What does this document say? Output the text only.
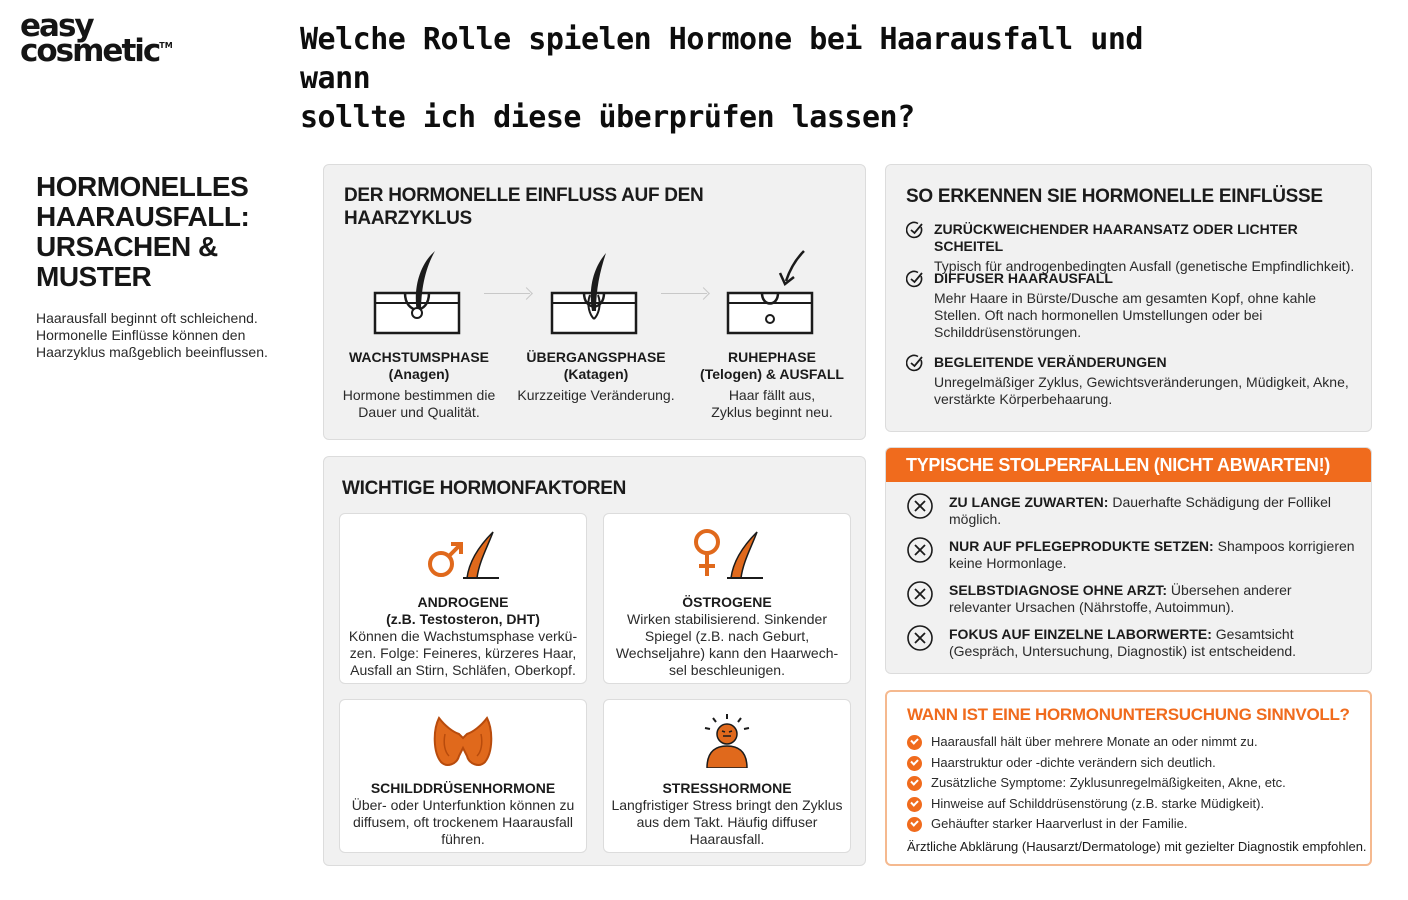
easy
cosmetic™	Welche Rolle spielen Hormone bei Haarausfall und wann
sollte ich diese überprüfen lassen?
HORMONELLES HAARAUSFALL: URSACHEN & MUSTER
Haarausfall beginnt oft schleichend. Hormonelle Einflüsse können den Haarzyklus maßgeblich beeinflussen.
DER HORMONELLE EINFLUSS AUF DEN HAARZYKLUS
WACHSTUMSPHASE
(Anagen)
Hormone bestimmen die Dauer und Qualität.
ÜBERGANGSPHASE
(Katagen)
Kurzzeitige Veränderung.
RUHEPHASE
(Telogen) & AUSFALL
Haar fällt aus, Zyklus beginnt neu.
WICHTIGE HORMONFAKTOREN
ANDROGENE
(z.B. Testosteron, DHT)
Können die Wachstumsphase verkü- zen. Folge: Feineres, kürzeres Haar, Ausfall an Stirn, Schläfen, Oberkopf.
ÖSTROGENE
Wirken stabilisierend. Sinkender Spiegel (z.B. nach Geburt, Wechseljahre) kann den Haarwech- sel beschleunigen.
SCHILDDRÜSENHORMONE
Über- oder Unterfunktion können zu diffusem, oft trockenem Haarausfall führen.
STRESSHORMONE
Langfristiger Stress bringt den Zyklus aus dem Takt. Häufig diffuser Haarausfall.
SO ERKENNEN SIE HORMONELLE EINFLÜSSE
ZURÜCKWEICHENDER HAARANSATZ ODER LICHTER SCHEITEL
Typisch für androgenbedingten Ausfall (genetische Empfindlichkeit).
DIFFUSER HAARAUSFALL
Mehr Haare in Bürste/Dusche am gesamten Kopf, ohne kahle Stellen. Oft nach hormonellen Umstellungen oder bei Schilddrüsenstörungen.
BEGLEITENDE VERÄNDERUNGEN
Unregelmäßiger Zyklus, Gewichtsveränderungen, Müdigkeit, Akne, verstärkte Körperbehaarung.
TYPISCHE STOLPERFALLEN (NICHT ABWARTEN!)
ZU LANGE ZUWARTEN: Dauerhafte Schädigung der Follikel möglich.
NUR AUF PFLEGEPRODUKTE SETZEN: Shampoos korrigieren keine Hormonlage.
SELBSTDIAGNOSE OHNE ARZT: Übersehen anderer relevanter Ursachen (Nährstoffe, Autoimmun).
FOKUS AUF EINZELNE LABORWERTE: Gesamtsicht (Gespräch, Untersuchung, Diagnostik) ist entscheidend.
WANN IST EINE HORMONUNTERSUCHUNG SINNVOLL?
Haarausfall hält über mehrere Monate an oder nimmt zu.
Haarstruktur oder -dichte verändern sich deutlich.
Zusätzliche Symptome: Zyklusunregelmäßigkeiten, Akne, etc.
Hinweise auf Schilddrüsenstörung (z.B. starke Müdigkeit).
Gehäufter starker Haarverlust in der Familie.
Ärztliche Abklärung (Hausarzt/Dermatologe) mit gezielter Diagnostik empfohlen.
